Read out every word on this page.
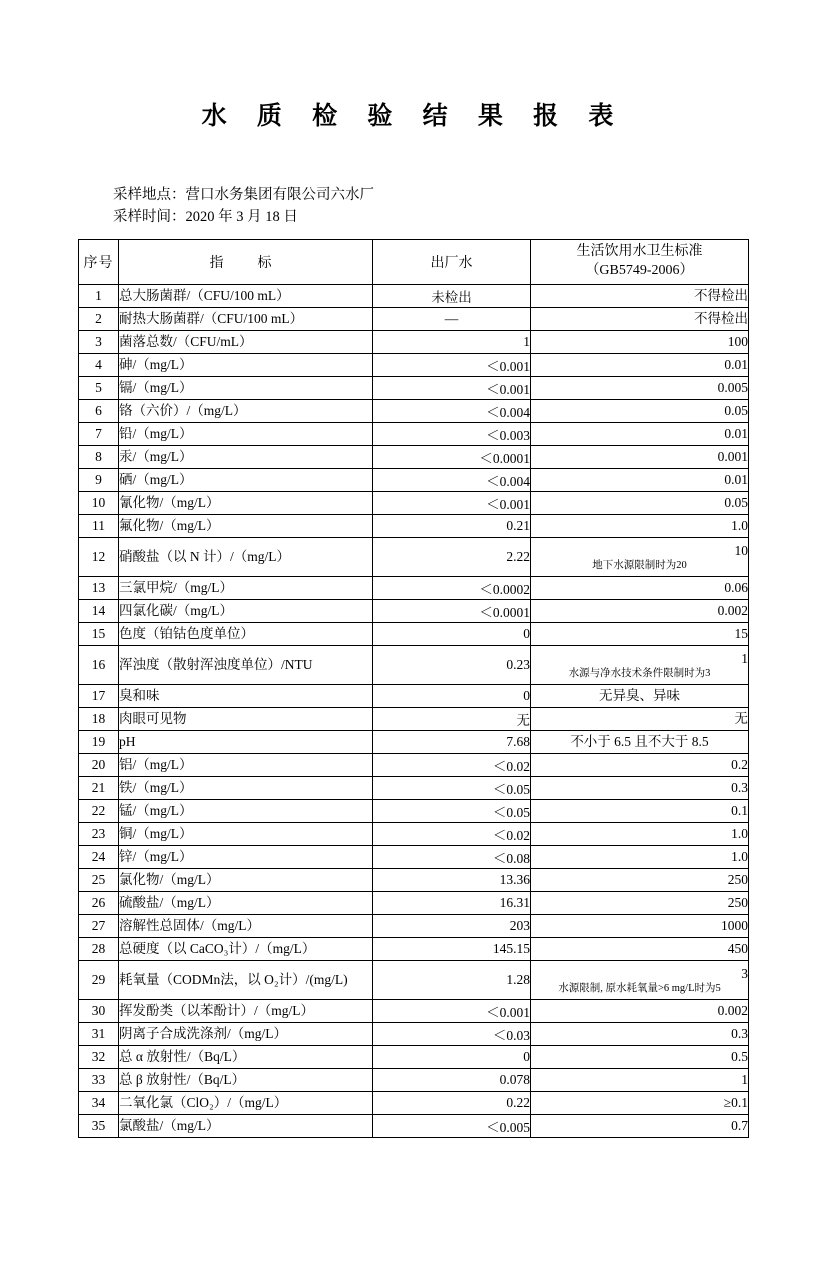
水 质 检 验 结 果 报 表
采样地点：营口水务集团有限公司六水厂
采样时间：2020 年 3 月 18 日
序号	指　标	出厂水	生活饮用水卫生标准
（GB5749-2006）

1	总大肠菌群/（CFU/100 mL）	未检出	不得检出
2	耐热大肠菌群/（CFU/100 mL）	—	不得检出
3	菌落总数/（CFU/mL）	1	100
4	砷/（mg/L）	＜0.001	0.01
5	镉/（mg/L）	＜0.001	0.005
6	铬（六价）/（mg/L）	＜0.004	0.05
7	铅/（mg/L）	＜0.003	0.01
8	汞/（mg/L）	＜0.0001	0.001
9	硒/（mg/L）	＜0.004	0.01
10	氰化物/（mg/L）	＜0.001	0.05
11	氟化物/（mg/L）	0.21	1.0
12	硝酸盐（以 N 计）/（mg/L）	2.22	10
地下水源限制时为20

13	三氯甲烷/（mg/L）	＜0.0002	0.06
14	四氯化碳/（mg/L）	＜0.0001	0.002
15	色度（铂钴色度单位）	0	15
16	浑浊度（散射浑浊度单位）/NTU	0.23	1
水源与净水技术条件限制时为3

17	臭和味	0	无异臭、异味
18	肉眼可见物	无	无
19	pH	7.68	不小于 6.5 且不大于 8.5
20	铝/（mg/L）	＜0.02	0.2
21	铁/（mg/L）	＜0.05	0.3
22	锰/（mg/L）	＜0.05	0.1
23	铜/（mg/L）	＜0.02	1.0
24	锌/（mg/L）	＜0.08	1.0
25	氯化物/（mg/L）	13.36	250
26	硫酸盐/（mg/L）	16.31	250
27	溶解性总固体/（mg/L）	203	1000
28	总硬度（以 CaCO₃计）/（mg/L）	145.15	450
29	耗氧量（CODMn法，以 O₂计）/(mg/L)	1.28	3
水源限制, 原水耗氧量>6 mg/L时为5

30	挥发酚类（以苯酚计）/（mg/L）	＜0.001	0.002
31	阴离子合成洗涤剂/（mg/L）	＜0.03	0.3
32	总 α 放射性/（Bq/L）	0	0.5
33	总 β 放射性/（Bq/L）	0.078	1
34	二氧化氯（ClO₂）/（mg/L）	0.22	≥0.1
35	氯酸盐/（mg/L）	＜0.005	0.7
